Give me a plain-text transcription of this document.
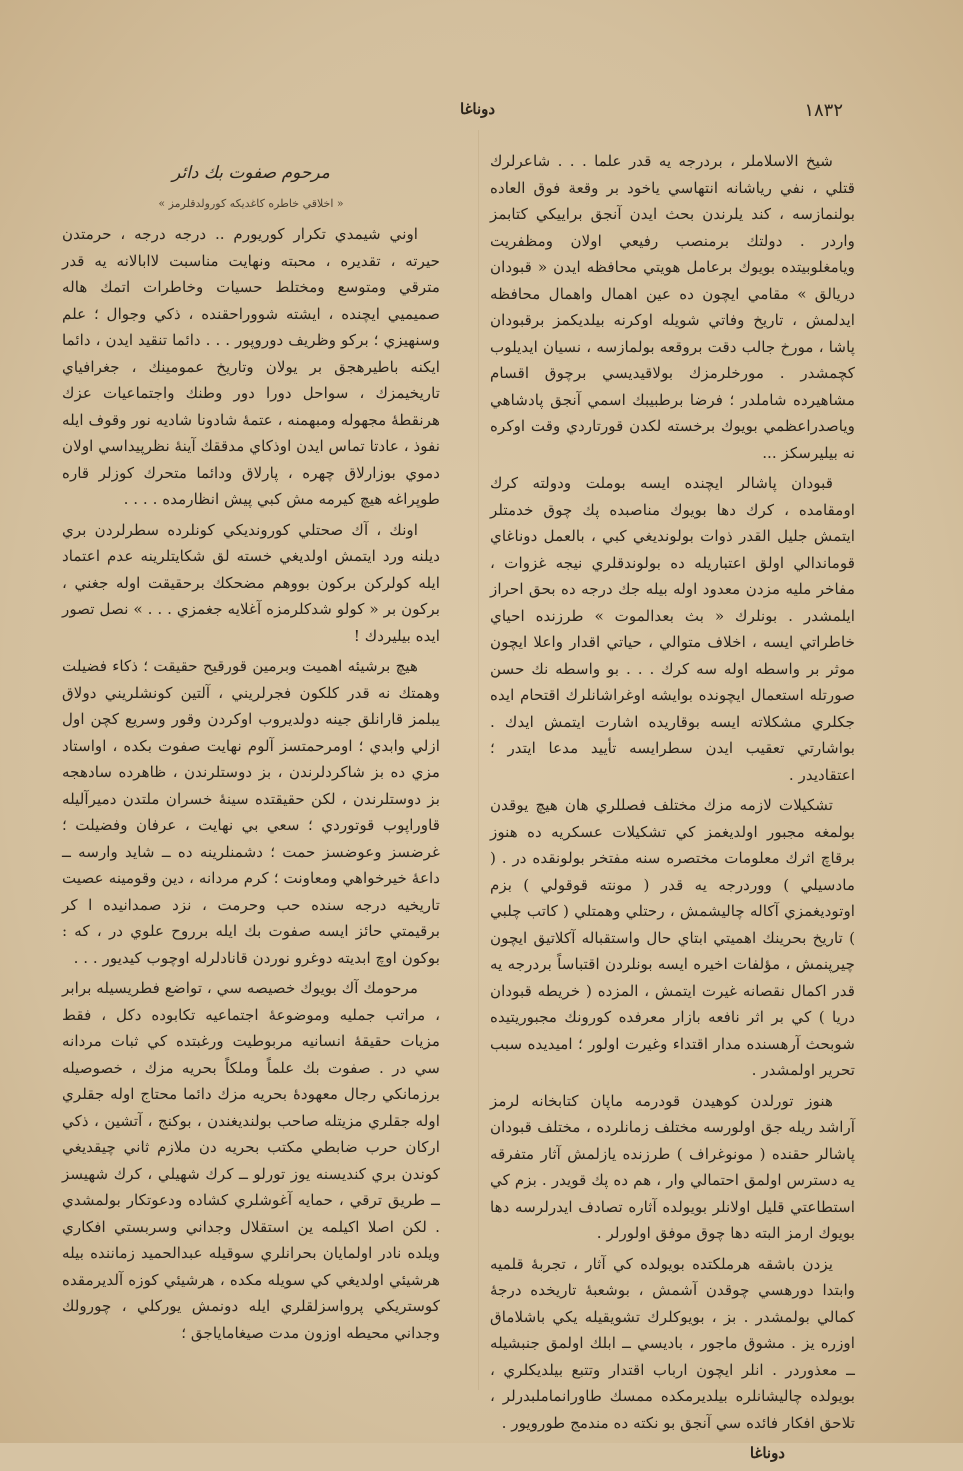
١٨٣٢
دوناغا

شيخ الاسلاملر ، بردرجه يه قدر علما . . . شاعرلرك قتلي ، نفي رياشانه انتهاسي ياخود بر وقعة فوق العاده بولنمازسه ، كند يلرندن بحث ايدن آنجق براييكي كتابمز واردر . دولتك برمنصب رفيعي اولان ومظفريت ويامغلوبيتده بويوك برعامل هويتي محافظه ايدن « قبودان دريالق » مقامي ايچون ده عين اهمال واهمال محافظه ايدلمش ، تاريخ وفاتي شويله اوكرنه بيلديكمز برقبودان پاشا ، مورخ جالب دقت بروقعه بولمازسه ، نسيان ايديلوب كچمشدر . مورخلرمزك بولاقيديسي برچوق اقسام مشاهيرده شاملدر ؛ فرضا برطبيبك اسمي آنجق پادشاهي وياصدراعظمي بويوك برخسته لكدن قورتاردي وقت اوكره نه بيليرسكز ...

قبودان پاشالر ايچنده ايسه بوملت ودولته كرك اومقامده ، كرك دها بويوك مناصبده پك چوق خدمتلر ايتمش جليل القدر ذوات بولونديغي كبي ، بالعمل دوناغاي قوماندالي اولق اعتباريله ده بولوندقلري نيجه غزوات ، مفاخر مليه مزدن معدود اوله بيله جك درجه ده بحق احراز ايلمشدر . بونلرك « بث بعدالموت » طرزنده احياي خاطراتي ايسه ، اخلاف متوالي ، حياتي اقدار واعلا ايچون موثر بر واسطه اوله سه كرك . . . بو واسطه نك حسن صورتله استعمال ايچونده بوايشه اوغراشانلرك اقتحام ايده جكلري مشكلاته ايسه بوقاريده اشارت ايتمش ايدك . بواشارتي تعقيب ايدن سطرايسه تأييد مدعا ايتدر ؛ اعتقاديدر .

تشكيلات لازمه مزك مختلف فصللري هان هيچ يوقدن بولمغه مجبور اولديغمز كي تشكيلات عسكريه ده هنوز برقاچ اثرك معلومات مختصره سنه مفتخر بولونقده در . ( مادسيلي ) ووردرجه يه قدر ( مونته قوقولي ) بزم اوتوديغمزي آكاله چاليشمش ، رحتلي وهمتلي ( كاتب چلبي ) تاريخ بحرينك اهميتي ابتاي حال واستقباله آكلاتيق ايچون چيرپنمش ، مؤلفات اخيره ايسه بونلردن اقتباساً بردرجه يه قدر اكمال نقصانه غيرت ايتمش ، المزده ( خريطه قبودان دريا ) كي بر اثر نافعه بازار معرفده كورونك مجبوريتيده شوبحث آرهسنده مدار اقتداء وغيرت اولور ؛ اميديده سبب تحرير اولمشدر .

هنوز تورلدن كوهيدن قودرمه ماپان كتابخانه لرمز آراشد ريله جق اولورسه مختلف زمانلرده ، مختلف قبودان پاشالر حقنده ( مونوغراف ) طرزنده يازلمش آثار متفرقه يه دسترس اولمق احتمالي وار ، هم ده پك قويدر . بزم كي استطاعتي قليل اولانلر بويولده آثاره تصادف ايدرلرسه دها بويوك ارمز البته دها چوق موفق اولورلر .

يزدن باشقه هرملكتده بويولده كي آثار ، تجربهٔ قلميه وابتدا دورهسي چوقدن آشمش ، بوشعبهٔ تاريخده درجهٔ كمالي بولمشدر . بز ، بويوكلرك تشويقيله يكي باشلاماق اوزره يز . مشوق ماجور ، باديسي ــ ابلك اولمق جنبشيله ــ معذوردر . انلر ايچون ارباب اقتدار وتتبع بيلديكلري ، بويولده چاليشانلره بيلديرمكده ممسك طاورانماملبدرلر ، تلاحق افكار فائده سي آنجق بو نكته ده مندمج طورويور .

دوناغا

مرحوم صفوت بك دائر

« اخلاقي خاطره كاغديكه كورولدقلرمز »

اوني شيمدي تكرار كوريورم .. درجه درجه ، حرمتدن حيرته ، تقديره ، محبته ونهايت مناسبت لاابالانه يه قدر مترقي ومتوسع ومختلط حسيات وخاطرات اتمك هاله صميميي ايچنده ، ايشته شووراحقنده ، ذكي وجوال ؛ علم وسنهيزي ؛ بركو وظريف دوروپور . . . دائما تنقيد ايدن ، دائما ايكنه باطيرهجق بر يولان وتاريخ عمومينك ، جغرافياي تاريخيمزك ، سواحل دورا دور وطنك واجتماعيات عزك هرنقطهٔ مجهوله ومبهمنه ، عتمهٔ شادونا شاديه نور وقوف ايله نفوذ ، عادتا تماس ايدن اوذكاي مدققك آينهٔ نظرپيداسي اولان دموي بوزارلاق چهره ، پارلاق ودائما متحرك كوزلر قاره طوپراغه هيچ كيرمه مش كبي پيش انظارمده . . . .

اونك ، آك صحتلي كورونديكي كونلرده سطرلردن بري ديلنه ورد ايتمش اولديغي خسته لق شكايتلرينه عدم اعتماد ايله كولركن بركون بووهم مضحكك برحقيقت اوله جغني ، بركون بر « كولو شدكلرمزه آغلايه جغمزي . . . » نصل تصور ايده بيليردك !

هيچ برشيئه اهميت وبرمين قورقيح حقيقت ؛ ذكاء فضيلت وهمتك نه قدر كلكون فجرلريني ، آلتين كونشلريني دولاق يبلمز قارانلق جينه دولديروب اوكردن وقور وسريع كچن اول ازلي وابدي ؛ اومرحمتسز آلوم نهايت صفوت بكده ، اواستاد مزي ده بز شاكردلرندن ، بز دوستلرندن ، ظاهرده سادهجه بز دوستلرندن ، لكن حقيقتده سينهٔ خسران ملتدن دميرآليله قاوراپوب قوتوردي ؛ سعي بي نهايت ، عرفان وفضيلت ؛ غرضسز وعوضسز حمت ؛ دشمنلرينه ده ــ شايد وارسه ــ داعهٔ خيرخواهي ومعاونت ؛ كرم مردانه ، دين وقومينه عصيت تاريخيه درجه سنده حب وحرمت ، نزد صمدانيده ا كر برقيمتي حائز ايسه صفوت بك ايله برروح علوي در ، كه : بوكون اوچ ابديته دوغرو نوردن قانادلرله اوچوب كيديور . . .

مرحومك آك بويوك خصيصه سي ، تواضع فطريسيله برابر ، مراتب جمليه وموضوعهٔ اجتماعيه تكابوده دكل ، فقط مزيات حقيقهٔ انسانيه مربوطيت ورغبتده كي ثبات مردانه سي در . صفوت بك علماً وملكاً بحريه مزك ، خصوصيله برزمانكي رجال معهودهٔ بحريه مزك دائما محتاج اوله جقلري اوله جقلري مزيتله صاحب بولنديغندن ، بوكنج ، آتشين ، ذكي اركان حرب ضابطي مكتب بحريه دن ملازم ثاني چيقديغي كوندن بري كنديسنه يوز تورلو ــ كرك شهيلي ، كرك شهيسز ــ طريق ترقي ، حمايه آغوشلري كشاده ودعوتكار بولمشدي . لكن اصلا اكيلمه ين استقلال وجداني وسربستي افكاري ويلده نادر اولمايان بحرانلري سوقيله عبدالحميد زماننده بيله هرشيئي اولديغي كي سويله مكده ، هرشيئي كوزه آلديرمقده كوستريكي پرواسزلقلري ايله دونمش يوركلي ، چورولك وجداني محيطه اوزون مدت صيغاماياجق ؛
